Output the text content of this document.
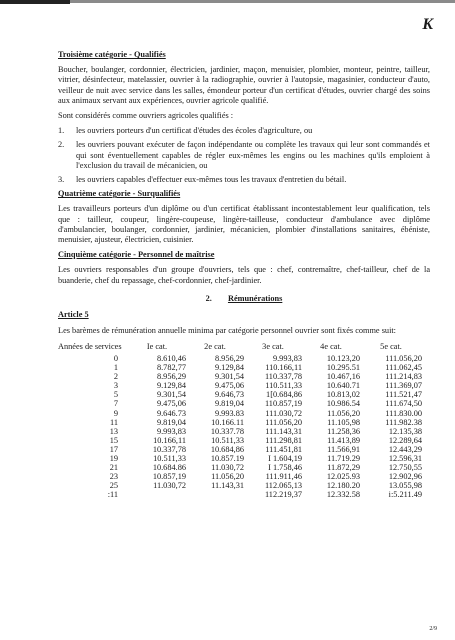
K
Troisième catégorie - Qualifiés
Boucher, boulanger, cordonnier, électricien, jardinier, maçon, menuisier, plombier, monteur, peintre, tailleur, vitrier, désinfecteur, matelassier, ouvrier à la radiographie, ouvrier à l'autopsie, magasinier, conducteur d'auto, veilleur de nuit avec service dans les salles, émondeur porteur d'un certificat d'études, ouvrier chargé des soins aux animaux servant aux expériences, ouvrier agricole qualifié.
Sont considérés comme ouvriers agricoles qualifiés :
1.	les ouvriers porteurs d'un certificat d'études des écoles d'agriculture, ou
2.	les ouvriers pouvant exécuter de façon indépendante ou complète les travaux qui leur sont commandés et qui sont éventuellement capables de régler eux-mêmes les engins ou les machines qu'ils emploient à l'exclusion du travail de mécanicien, ou
3.	les ouvriers capables d'effectuer eux-mêmes tous les travaux d'entretien du bétail.
Quatrième catégorie - Surqualifiés
Les travailleurs porteurs d'un diplôme ou d'un certificat établissant incontestablement leur qualification, tels que : tailleur, coupeur, lingère-coupeuse, lingère-tailleuse, conducteur d'ambulance avec diplôme d'ambulancier, boulanger, cordonnier, jardinier, mécanicien, plombier d'installations sanitaires, ébéniste, menuisier, ajusteur, électricien, cuisinier.
Cinquième catégorie - Personnel de maîtrise
Les ouvriers responsables d'un groupe d'ouvriers, tels que : chef, contremaître, chef-tailleur, chef de la buanderie, chef du repassage, chef-cordonnier, chef-jardinier.
2. Rémunérations
Article 5
Les barèmes de rémunération annuelle minima par catégorie personnel ouvrier sont fixés comme suit:
Années de services	Ie cat.	2e cat.	3e cat.	4e cat.	5e cat.
0	8.610,46	8.956,29	9.993,83	10.123,20	111.056,20
1	8.782,77	9.129,84	110.166,11	10.295.51	111.062,45
2	8.956,29	9.301,54	110.337,78	10.467,16	111.214,83
3	9.129,84	9.475,06	110.511,33	10.640.71	111.369,07
5	9.301,54	9.646,73	1[0.684,86	10.813,02	111.521,47
7	9.475,06	9.819,04	110.857,19	10.986.54	111.674,50
9	9.646.73	9.993.83	111.030,72	11.056,20	111.830.00
11	9.819,04	10.166.11	111.056,20	11.105,98	111.982.38
13	9.993,83	10.337.78	111.143,31	11.258,36	12.135,38
15	10.166,11	10.511,33	111.298,81	11.413,89	12.289,64
17	10.337,78	10.684,86	111.451,81	11.566,91	12.443,29
19	10.511,33	10.857.19	I 1.604,19	11.719.29	12.596,31
21	10.684.86	11.030,72	I 1.758,46	11.872,29	12.750,55
23	10.857,19	11.056,20	111.911,46	12.025.93	12.902,96
25	11.030,72	11.143,31	112.065,13	12.180.20	13.055,98
:11			112.219,37	12.332.58	i:5.211.49
2/9
